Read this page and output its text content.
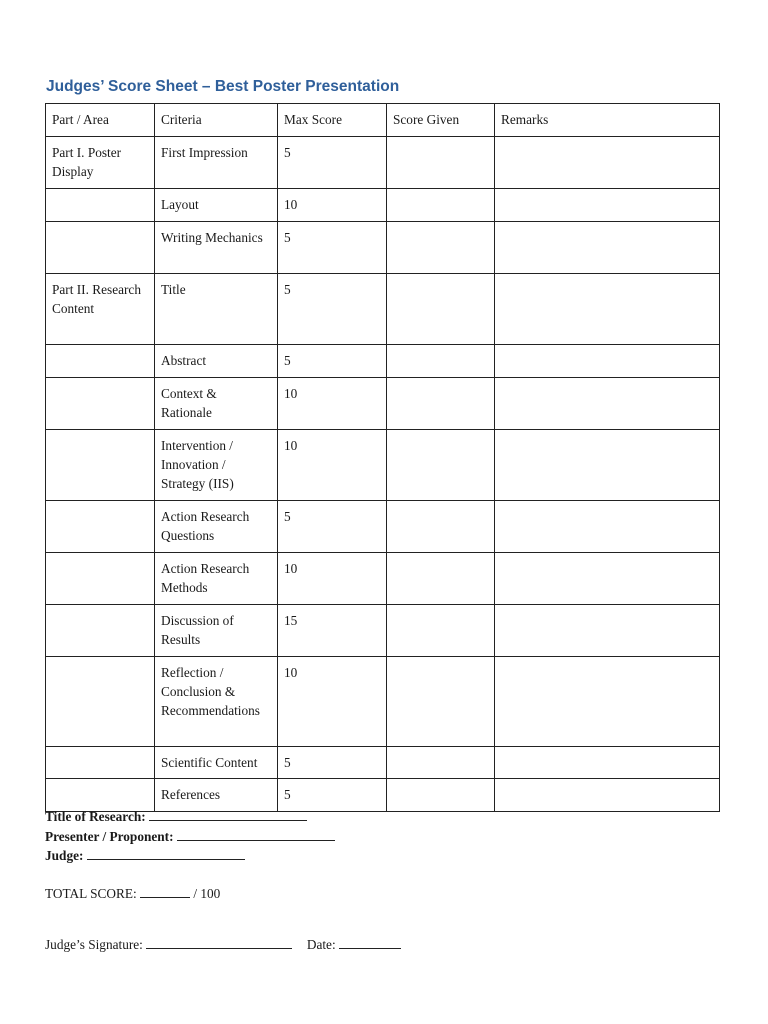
Judges’ Score Sheet – Best Poster Presentation
Part / Area	Criteria	Max Score	Score Given	Remarks
Part I. Poster Display	First Impression	5		
	Layout	10		
	Writing Mechanics	5		
Part II. Research Content	Title	5		
	Abstract	5		
	Context & Rationale	10		
	Intervention / Innovation / Strategy (IIS)	10		
	Action Research Questions	5		
	Action Research Methods	10		
	Discussion of Results	15		
	Reflection / Conclusion & Recommendations	10		
	Scientific Content	5		
	References	5		
Title of Research:
Presenter / Proponent:
Judge:
TOTAL SCORE:	/ 100
Judge’s Signature:	Date:
